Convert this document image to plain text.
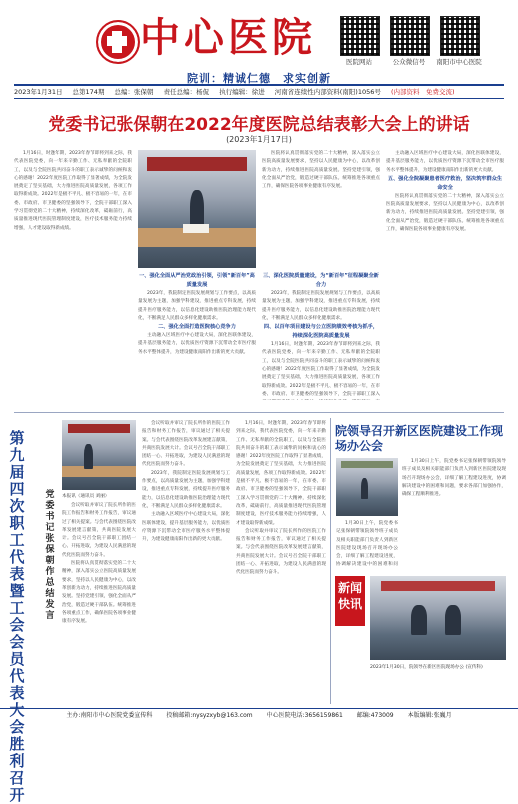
中心医院
医院网站	公众微信号	南阳市中心医院
院训：精诚仁德　求实创新
2023年1月31日 总第174期 总编：张保朝 责任总编：杨侃 执行编辑：徐进 河南省连续性内部资料(南阳)1056号 (内部资料　免费交流)
党委书记张保朝在2022年度医院总结表彰大会上的讲话
(2023年1月17日)

1月16日，时逢年期，2023年春节即将到来之际，我代表医院党委，向一年来辛勤工作、无私奉献的全院职工，以及与全院医院共同奋斗的职工表示诚挚的问候和衷心的感谢！2022年度医院工作取得了显著成绩，为全院发展奠定了坚实基础，大力推进医院高质量发展，各项工作取得新成效。2022年是极不平凡、极不容易的一年，在市委、市政府、市卫健委的坚强领导下，全院干部职工深入学习贯彻党的二十大精神，持续深化改革，砥砺前行，高质量推进现代医院管理制度建设，医疗技术服务能力持续增强，人才建设取得新成绩。

医院将认真贯彻落实党的二十大精神，深入落实公立医院高质量发展要求，坚持以人民健康为中心，以改革创新为动力，持续推进医院高质量发展。坚持党建引领，强化全面从严治党，锻造过硬干部队伍。统筹推进各项重点工作，确保医院各项事业健康有序发展。

主动融入区域医疗中心建设大局，深化医联体建设，提升基层服务能力，以优质医疗资源下沉带动全市医疗服务水平整体提升，为建设健康南阳作出新的更大贡献。

五、强化全院凝聚患者医疗救治，坚决筑牢群众生命安全

医院将认真贯彻落实党的二十大精神，深入落实公立医院高质量发展要求，坚持以人民健康为中心，以改革创新为动力，持续推进医院高质量发展。坚持党建引领，强化全面从严治党，锻造过硬干部队伍。统筹推进各项重点工作，确保医院各项事业健康有序发展。

一、强化全面从严治党政治引领，引领“新百年”高质量发展

2023年，我院制定医院发展规划与工作要点，以高质量发展为主题，加强学科建设，推进重点专科发展，持续提升医疗服务能力，以信息化建设助推医院治理能力现代化，不断满足人民群众多样化健康需求。

二、强化全面打造医院核心竞争力

主动融入区域医疗中心建设大局，深化医联体建设，提升基层服务能力，以优质医疗资源下沉带动全市医疗服务水平整体提升，为建设健康南阳作出新的更大贡献。

三、深化医院质量建设，为“新百年”征程凝聚全新合力

2023年，我院制定医院发展规划与工作要点，以高质量发展为主题，加强学科建设，推进重点专科发展，持续提升医疗服务能力，以信息化建设助推医院治理能力现代化，不断满足人民群众多样化健康需求。

四、以百年项目建设与公立医院绩效考核为抓手，持续深化医院高质量发展

1月16日，时逢年期，2023年春节即将到来之际，我代表医院党委，向一年来辛勤工作、无私奉献的全院职工，以及与全院医院共同奋斗的职工表示诚挚的问候和衷心的感谢！2022年度医院工作取得了显著成绩，为全院发展奠定了坚实基础，大力推进医院高质量发展，各项工作取得新成效。2022年是极不平凡、极不容易的一年，在市委、市政府、市卫健委的坚强领导下，全院干部职工深入

第九届四次职工代表暨工会会员代表大会胜利召开
党委书记张保朝作总结发言
本报讯（通讯员 刘丽）

会议听取并审议了院长所作的医院工作报告和财务工作报告，审议通过了相关提案。与会代表围绕医院改革发展建言献策，共商医院发展大计。会议号召全院干部职工团结一心、开拓进取，为建设人民满意的现代化医院而努力奋斗。

医院将认真贯彻落实党的二十大精神，深入落实公立医院高质量发展要求，坚持以人民健康为中心，以改革创新为动力，持续推进医院高质量发展。坚持党建引领，强化全面从严治党，锻造过硬干部队伍。统筹推进各项重点工作，确保医院各项事业健康有序发展。

会议听取并审议了院长所作的医院工作报告和财务工作报告，审议通过了相关提案。与会代表围绕医院改革发展建言献策，共商医院发展大计。会议号召全院干部职工团结一心、开拓进取，为建设人民满意的现代化医院而努力奋斗。

2023年，我院制定医院发展规划与工作要点，以高质量发展为主题，加强学科建设，推进重点专科发展，持续提升医疗服务能力，以信息化建设助推医院治理能力现代化，不断满足人民群众多样化健康需求。

主动融入区域医疗中心建设大局，深化医联体建设，提升基层服务能力，以优质医疗资源下沉带动全市医疗服务水平整体提升，为建设健康南阳作出新的更大贡献。

1月16日，时逢年期，2023年春节即将到来之际，我代表医院党委，向一年来辛勤工作、无私奉献的全院职工，以及与全院医院共同奋斗的职工表示诚挚的问候和衷心的感谢！2022年度医院工作取得了显著成绩，为全院发展奠定了坚实基础，大力推进医院高质量发展，各项工作取得新成效。2022年是极不平凡、极不容易的一年，在市委、市政府、市卫健委的坚强领导下，全院干部职工深入学习贯彻党的二十大精神，持续深化改革，砥砺前行，高质量推进现代医院管理制度建设，医疗技术服务能力持续增强，人才建设取得新成绩。

会议听取并审议了院长所作的医院工作报告和财务工作报告，审议通过了相关提案。与会代表围绕医院改革发展建言献策，共商医院发展大计。会议号召全院干部职工团结一心、开拓进取，为建设人民满意的现代化医院而努力奋斗。

院领导召开新区医院建设工作现场办公会

1月30日上午，院党委书记张保朝带领院领导班子成员及相关职能部门负责人到新区医院建设现场召开现场办公会，详细了解工程建设进度，协调解决建设中的困难和问题，要求各部门加强协作，确保工程顺利推进。

1月30日上午，院党委书记张保朝带领院领导班子成员及相关职能部门负责人到新区医院建设现场召开现场办公会，详细了解工程建设进度，协调解决建设中的困难和问

新闻快讯
2023年1月30日，院领导在新区医院现场办公 (宣传科)
主办:南阳市中心医院党委宣传科 投稿邮箱:nysyzxyb@163.com 中心医院电话:3656159861 邮编:473009 本版编辑:张巍月
